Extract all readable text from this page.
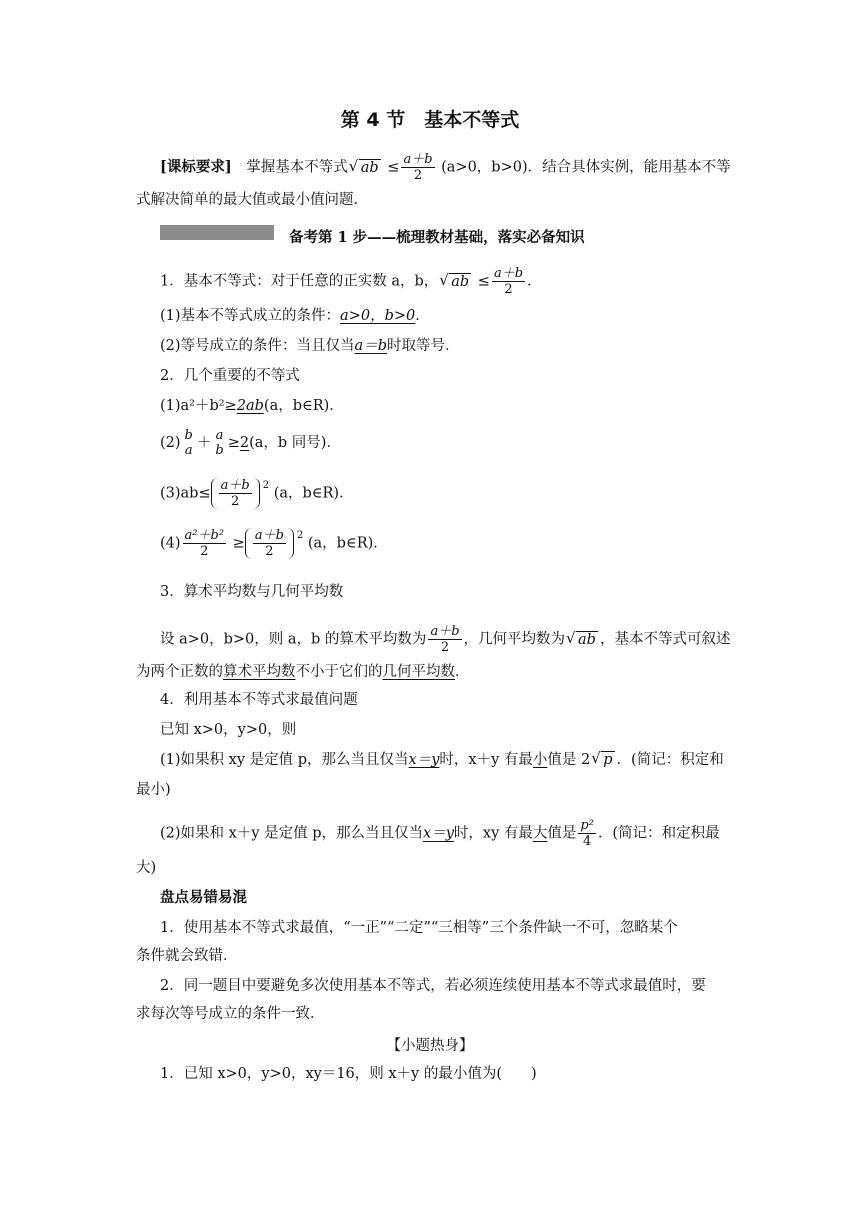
第 4 节　基本不等式
[课标要求]　掌握基本不等式 √ ab ≤ $\frac{a+b}{2} (a>0$，b>0)．结合具体实例，能用基本不等
式解决简单的最大值或最小值问题．
备考第 1 步——梳理教材基础，落实必备知识
1．基本不等式：对于任意的正实数 a，b， √ ab ≤ $\frac{a+b}{2}$ ．
(1)基本不等式成立的条件：a>0，b>0．
(2)等号成立的条件：当且仅当a＝b时取等号．
2．几个重要的不等式
(1)a²＋b²≥2ab(a，b∈R)．
(2) b
a ＋ a
b ≥2(a，b 同号)．
$(3)ab\le \frac{a+b}{2} ^2$ (a，b∈R)．
$(4) \frac{\text{a²＋b²}}{2} \ge \frac{a+b}{2} ^2$ (a，b∈R)．
3．算术平均数与几何平均数
设 a>0，b>0，则 a，b 的算术平均数为 $\frac{a+b}{2}$ ，几何平均数为 √ ab ，基本不等式可叙述
为两个正数的算术平均数不小于它们的几何平均数．
4．利用基本不等式求最值问题
已知 x>0，y>0，则
(1)如果积 xy 是定值 p，那么当且仅当x＝y时，x＋y 有最小值是 2 √ p ．(简记：积定和
最小)
(2)如果和 x＋y 是定值 p，那么当且仅当x＝y时，xy 有最大值是 $\frac{\text{p²}}{4}$ ．(简记：和定积最
大)
盘点易错易混
1．使用基本不等式求最值，“一正”“二定”“三相等”三个条件缺一不可，忽略某个
条件就会致错．
2．同一题目中要避免多次使用基本不等式，若必须连续使用基本不等式求最值时，要
求每次等号成立的条件一致．
【小题热身】
1．已知 x>0，y>0，xy＝16，则 x＋y 的最小值为(　　)
